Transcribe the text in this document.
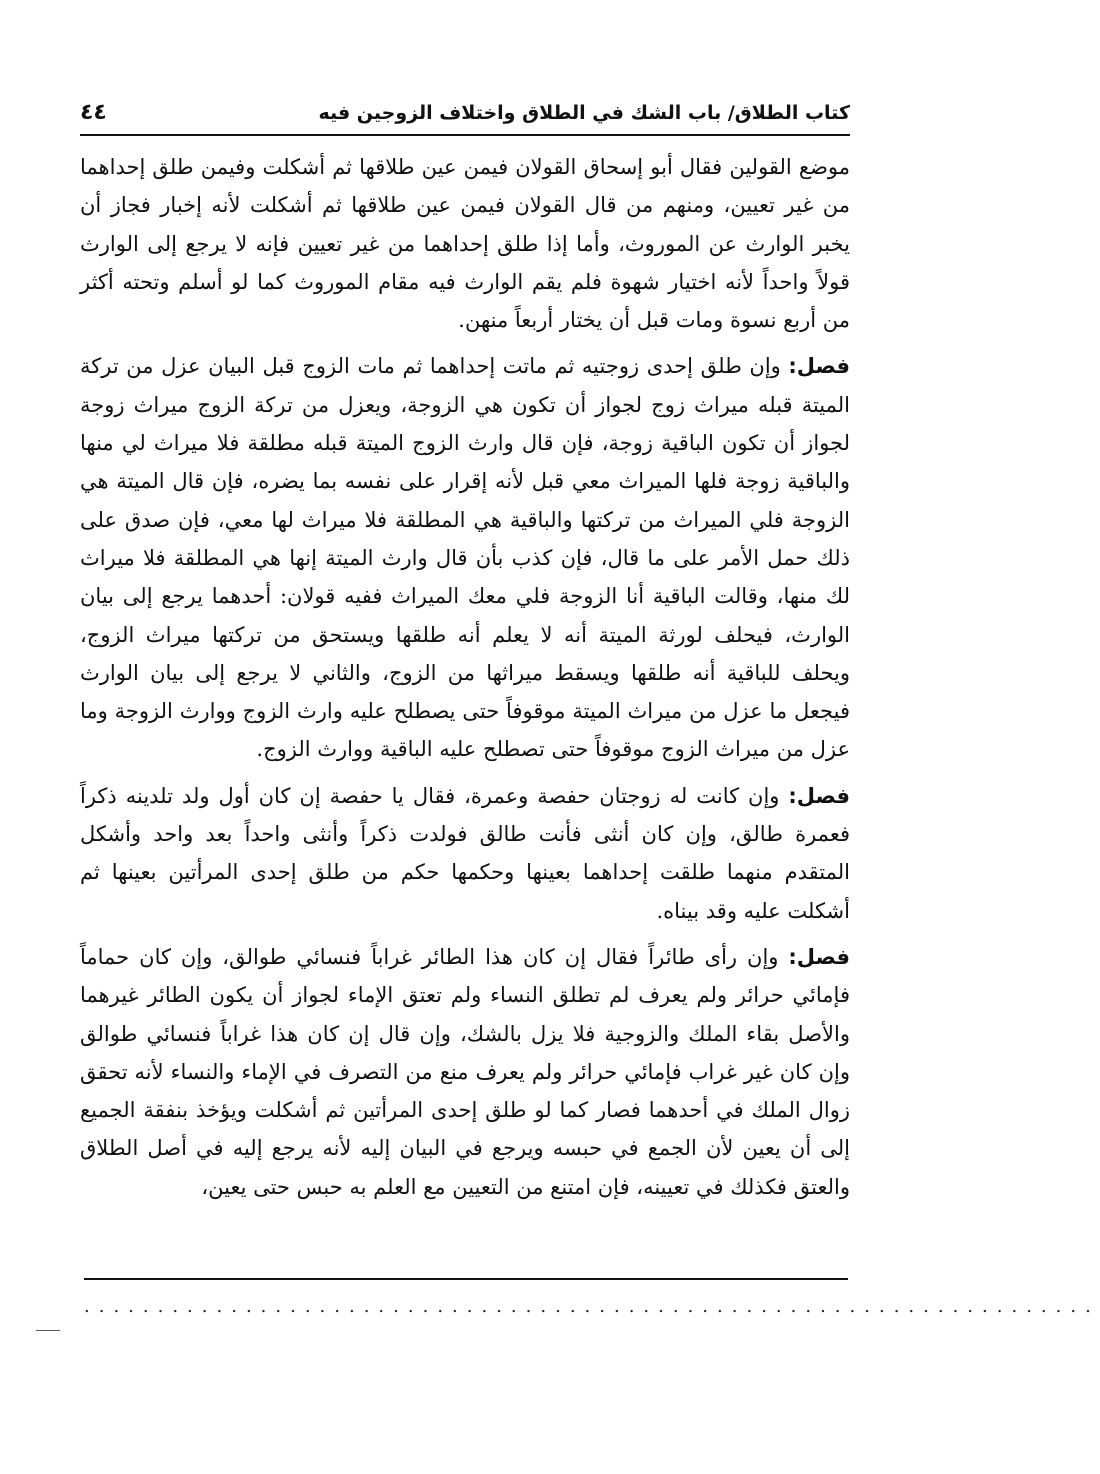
كتاب الطلاق/ باب الشك في الطلاق واختلاف الزوجين فيه
٤٤

موضع القولين فقال أبو إسحاق القولان فيمن عين طلاقها ثم أشكلت وفيمن طلق إحداهما من غير تعيين، ومنهم من قال القولان فيمن عين طلاقها ثم أشكلت لأنه إخبار فجاز أن يخبر الوارث عن الموروث، وأما إذا طلق إحداهما من غير تعيين فإنه لا يرجع إلى الوارث قولاً واحداً لأنه اختيار شهوة فلم يقم الوارث فيه مقام الموروث كما لو أسلم وتحته أكثر من أربع نسوة ومات قبل أن يختار أربعاً منهن.

فصل: وإن طلق إحدى زوجتيه ثم ماتت إحداهما ثم مات الزوج قبل البيان عزل من تركة الميتة قبله ميراث زوج لجواز أن تكون هي الزوجة، ويعزل من تركة الزوج ميراث زوجة لجواز أن تكون الباقية زوجة، فإن قال وارث الزوج الميتة قبله مطلقة فلا ميراث لي منها والباقية زوجة فلها الميراث معي قبل لأنه إقرار على نفسه بما يضره، فإن قال الميتة هي الزوجة فلي الميراث من تركتها والباقية هي المطلقة فلا ميراث لها معي، فإن صدق على ذلك حمل الأمر على ما قال، فإن كذب بأن قال وارث الميتة إنها هي المطلقة فلا ميراث لك منها، وقالت الباقية أنا الزوجة فلي معك الميراث ففيه قولان: أحدهما يرجع إلى بيان الوارث، فيحلف لورثة الميتة أنه لا يعلم أنه طلقها ويستحق من تركتها ميراث الزوج، ويحلف للباقية أنه طلقها ويسقط ميراثها من الزوج، والثاني لا يرجع إلى بيان الوارث فيجعل ما عزل من ميراث الميتة موقوفاً حتى يصطلح عليه وارث الزوج ووارث الزوجة وما عزل من ميراث الزوج موقوفاً حتى تصطلح عليه الباقية ووارث الزوج.

فصل: وإن كانت له زوجتان حفصة وعمرة، فقال يا حفصة إن كان أول ولد تلدينه ذكراً فعمرة طالق، وإن كان أنثى فأنت طالق فولدت ذكراً وأنثى واحداً بعد واحد وأشكل المتقدم منهما طلقت إحداهما بعينها وحكمها حكم من طلق إحدى المرأتين بعينها ثم أشكلت عليه وقد بيناه.

فصل: وإن رأى طائراً فقال إن كان هذا الطائر غراباً فنسائي طوالق، وإن كان حماماً فإمائي حرائر ولم يعرف لم تطلق النساء ولم تعتق الإماء لجواز أن يكون الطائر غيرهما والأصل بقاء الملك والزوجية فلا يزل بالشك، وإن قال إن كان هذا غراباً فنسائي طوالق وإن كان غير غراب فإمائي حرائر ولم يعرف منع من التصرف في الإماء والنساء لأنه تحقق زوال الملك في أحدهما فصار كما لو طلق إحدى المرأتين ثم أشكلت ويؤخذ بنفقة الجميع إلى أن يعين لأن الجمع في حبسه ويرجع في البيان إليه لأنه يرجع إليه في أصل الطلاق والعتق فكذلك في تعيينه، فإن امتنع من التعيين مع العلم به حبس حتى يعين،

.....................................................................
